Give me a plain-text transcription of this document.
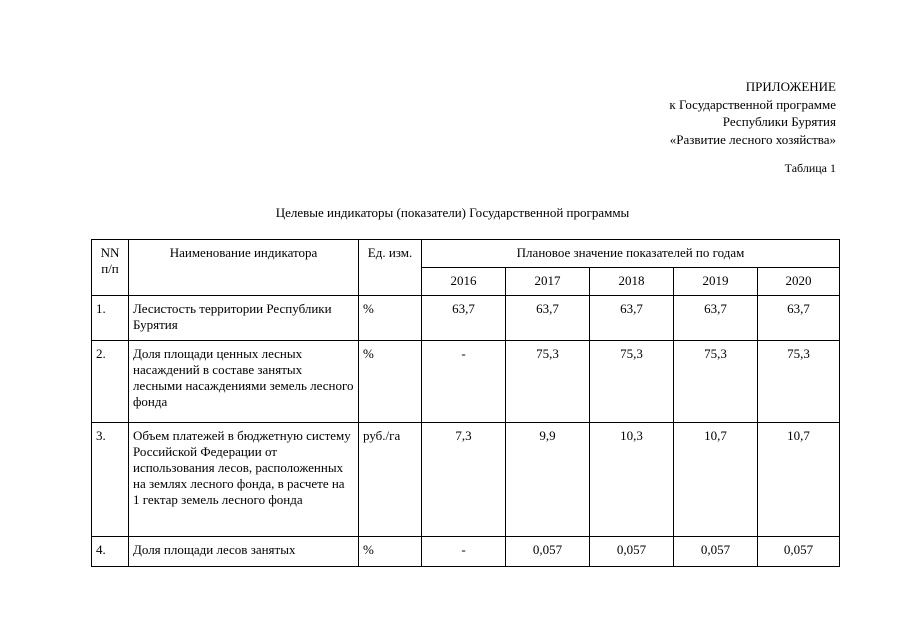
ПРИЛОЖЕНИЕ
к Государственной программе
Республики Бурятия
«Развитие лесного хозяйства»
Таблица 1
Целевые индикаторы (показатели) Государственной программы
NN п/п	Наименование индикатора	Ед. изм.	Плановое значение показателей по годам				
			2016	2017	2018	2019	2020
1.	Лесистость территории Республики Бурятия	%	63,7	63,7	63,7	63,7	63,7
2.	Доля площади ценных лесных насаждений в составе занятых лесными насаждениями земель лесного фонда	%	-	75,3	75,3	75,3	75,3
3.	Объем платежей в бюджетную систему Российской Федерации от использования лесов, расположенных на землях лесного фонда, в расчете на 1 гектар земель лесного фонда	руб./га	7,3	9,9	10,3	10,7	10,7
4.	Доля площади лесов занятых	%	-	0,057	0,057	0,057	0,057
